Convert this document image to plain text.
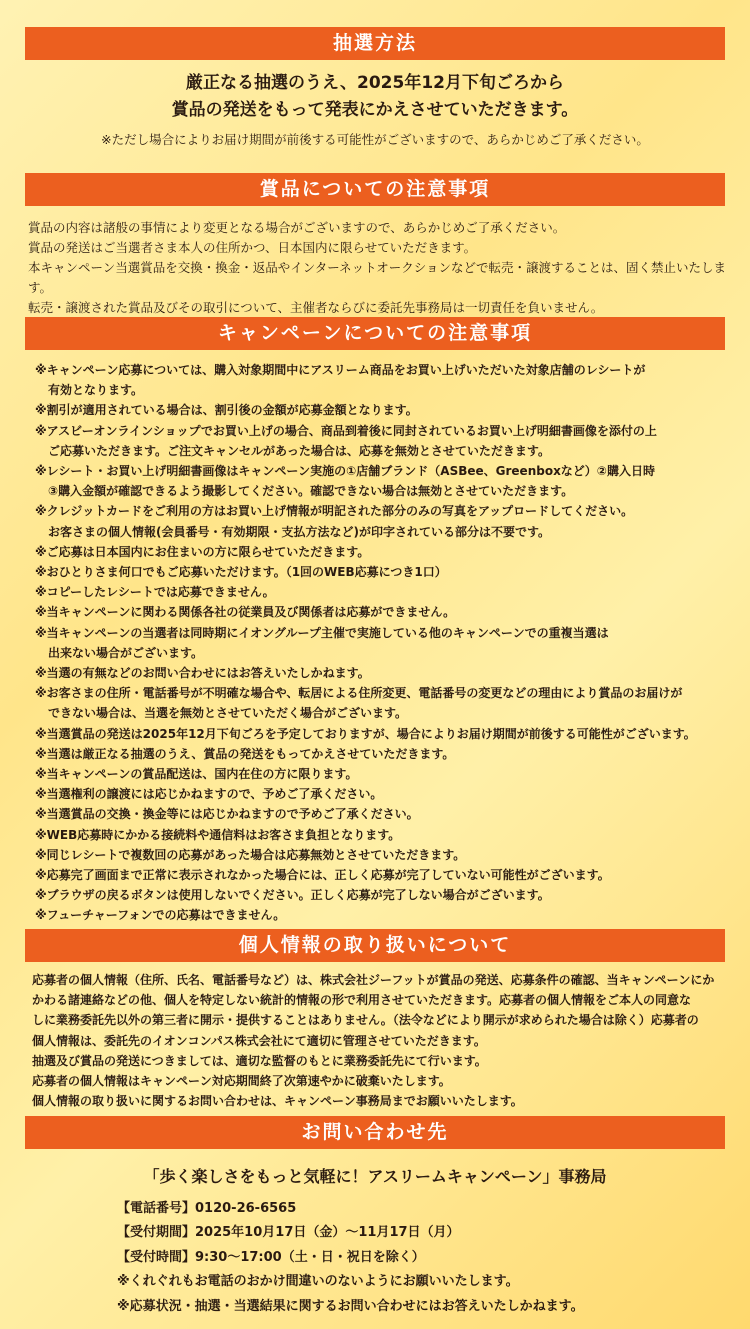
抽選方法
厳正なる抽選のうえ、2025年12月下旬ごろから
賞品の発送をもって発表にかえさせていただきます。
※ただし場合によりお届け期間が前後する可能性がございますので、あらかじめご了承ください。
賞品についての注意事項
賞品の内容は諸般の事情により変更となる場合がございますので、あらかじめご了承ください。
賞品の発送はご当選者さま本人の住所かつ、日本国内に限らせていただきます。
本キャンペーン当選賞品を交換・換金・返品やインターネットオークションなどで転売・譲渡することは、固く禁止いたします。
転売・譲渡された賞品及びその取引について、主催者ならびに委託先事務局は一切責任を負いません。
キャンペーンについての注意事項
※キャンペーン応募については、購入対象期間中にアスリーム商品をお買い上げいただいた対象店舗のレシートが
有効となります。
※割引が適用されている場合は、割引後の金額が応募金額となります。
※アスビーオンラインショップでお買い上げの場合、商品到着後に同封されているお買い上げ明細書画像を添付の上
ご応募いただきます。ご注文キャンセルがあった場合は、応募を無効とさせていただきます。
※レシート・お買い上げ明細書画像はキャンペーン実施の①店舗ブランド（ASBee、Greenboxなど）②購入日時
③購入金額が確認できるよう撮影してください。確認できない場合は無効とさせていただきます。
※クレジットカードをご利用の方はお買い上げ情報が明記された部分のみの写真をアップロードしてください。
お客さまの個人情報(会員番号・有効期限・支払方法など)が印字されている部分は不要です。
※ご応募は日本国内にお住まいの方に限らせていただきます。
※おひとりさま何口でもご応募いただけます。（1回のWEB応募につき1口）
※コピーしたレシートでは応募できません。
※当キャンペーンに関わる関係各社の従業員及び関係者は応募ができません。
※当キャンペーンの当選者は同時期にイオングループ主催で実施している他のキャンペーンでの重複当選は
出来ない場合がございます。
※当選の有無などのお問い合わせにはお答えいたしかねます。
※お客さまの住所・電話番号が不明確な場合や、転居による住所変更、電話番号の変更などの理由により賞品のお届けが
できない場合は、当選を無効とさせていただく場合がございます。
※当選賞品の発送は2025年12月下旬ごろを予定しておりますが、場合によりお届け期間が前後する可能性がございます。
※当選は厳正なる抽選のうえ、賞品の発送をもってかえさせていただきます。
※当キャンペーンの賞品配送は、国内在住の方に限ります。
※当選権利の譲渡には応じかねますので、予めご了承ください。
※当選賞品の交換・換金等には応じかねますので予めご了承ください。
※WEB応募時にかかる接続料や通信料はお客さま負担となります。
※同じレシートで複数回の応募があった場合は応募無効とさせていただきます。
※応募完了画面まで正常に表示されなかった場合には、正しく応募が完了していない可能性がございます。
※ブラウザの戻るボタンは使用しないでください。正しく応募が完了しない場合がございます。
※フューチャーフォンでの応募はできません。
個人情報の取り扱いについて
応募者の個人情報（住所、氏名、電話番号など）は、株式会社ジーフットが賞品の発送、応募条件の確認、当キャンペーンにか
かわる諸連絡などの他、個人を特定しない統計的情報の形で利用させていただきます。応募者の個人情報をご本人の同意な
しに業務委託先以外の第三者に開示・提供することはありません。（法令などにより開示が求められた場合は除く）応募者の
個人情報は、委託先のイオンコンパス株式会社にて適切に管理させていただきます。
抽選及び賞品の発送につきましては、適切な監督のもとに業務委託先にて行います。
応募者の個人情報はキャンペーン対応期間終了次第速やかに破棄いたします。
個人情報の取り扱いに関するお問い合わせは、キャンペーン事務局までお願いいたします。
お問い合わせ先
「歩く楽しさをもっと気軽に！アスリームキャンペーン」事務局
【電話番号】0120-26-6565
【受付期間】2025年10月17日（金）～11月17日（月）
【受付時間】9:30～17:00（土・日・祝日を除く）
※くれぐれもお電話のおかけ間違いのないようにお願いいたします。
※応募状況・抽選・当選結果に関するお問い合わせにはお答えいたしかねます。
